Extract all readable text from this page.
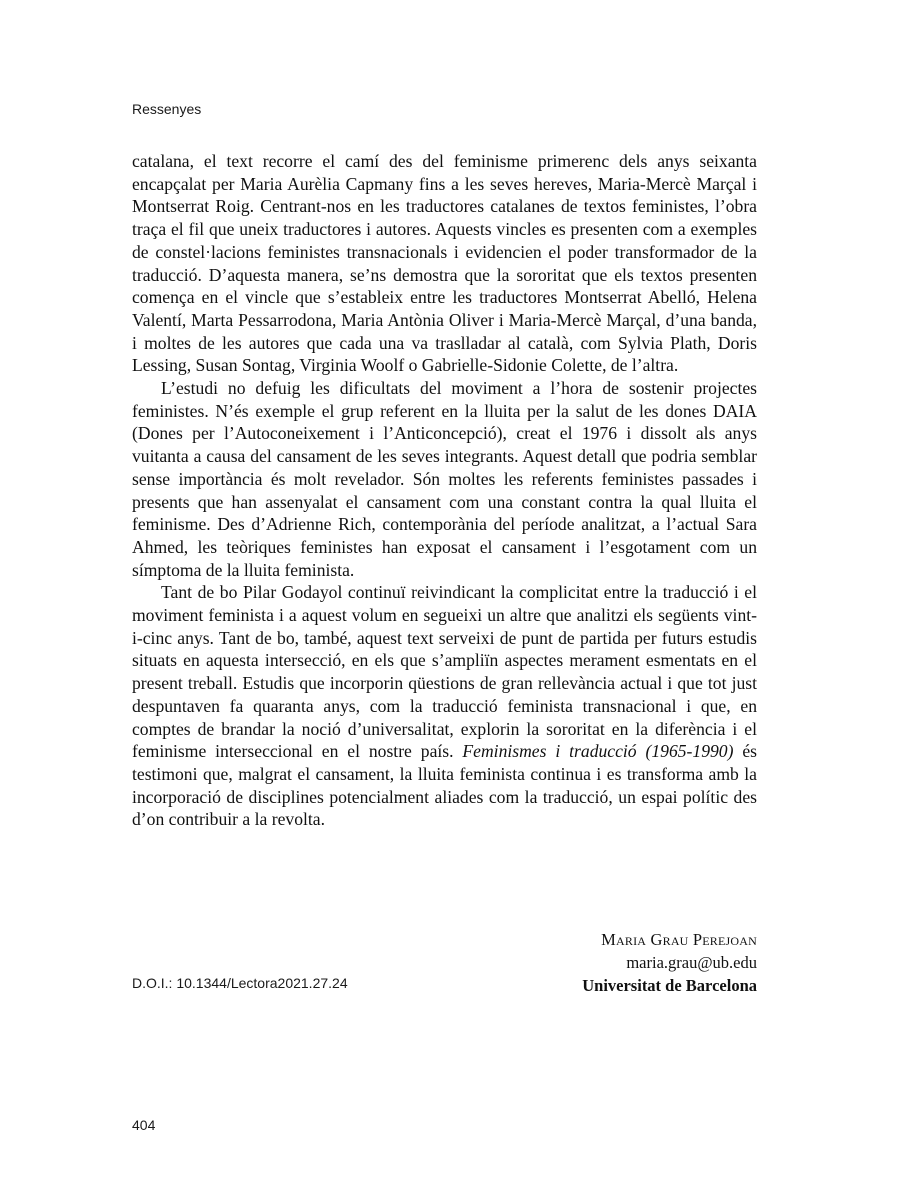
Ressenyes

catalana, el text recorre el camí des del feminisme primerenc dels anys seixanta encapçalat per Maria Aurèlia Capmany fins a les seves hereves, Maria-Mercè Marçal i Montserrat Roig. Centrant-nos en les traductores catalanes de textos feministes, l’obra traça el fil que uneix traductores i autores. Aquests vincles es presenten com a exemples de constel·lacions feministes transnacionals i evidencien el poder transformador de la traducció. D’aquesta manera, se’ns demostra que la sororitat que els textos presenten comença en el vincle que s’estableix entre les traductores Montserrat Abelló, Helena Valentí, Marta Pessarrodona, Maria Antònia Oliver i Maria-Mercè Marçal, d’una banda, i moltes de les autores que cada una va traslladar al català, com Sylvia Plath, Doris Lessing, Susan Sontag, Virginia Woolf o Gabrielle-Sidonie Colette, de l’altra.

L’estudi no defuig les dificultats del moviment a l’hora de sostenir projectes feministes. N’és exemple el grup referent en la lluita per la salut de les dones DAIA (Dones per l’Autoconeixement i l’Anticoncepció), creat el 1976 i dissolt als anys vuitanta a causa del cansament de les seves integrants. Aquest detall que podria semblar sense importància és molt revelador. Són moltes les referents feministes passades i presents que han assenyalat el cansament com una constant contra la qual lluita el feminisme. Des d’Adrienne Rich, contemporània del període analitzat, a l’actual Sara Ahmed, les teòriques feministes han exposat el cansament i l’esgotament com un símptoma de la lluita feminista.

Tant de bo Pilar Godayol continuï reivindicant la complicitat entre la traducció i el moviment feminista i a aquest volum en segueixi un altre que analitzi els següents vint-i-cinc anys. Tant de bo, també, aquest text serveixi de punt de partida per futurs estudis situats en aquesta intersecció, en els que s’ampliïn aspectes merament esmentats en el present treball. Estudis que incorporin qüestions de gran rellevància actual i que tot just despuntaven fa quaranta anys, com la traducció feminista transnacional i que, en comptes de brandar la noció d’universalitat, explorin la sororitat en la diferència i el feminisme interseccional en el nostre país. Feminismes i traducció (1965-1990) és testimoni que, malgrat el cansament, la lluita feminista continua i es transforma amb la incorporació de disciplines potencialment aliades com la traducció, un espai polític des d’on contribuir a la revolta.

Maria Grau Perejoan
maria.grau@ub.edu
Universitat de Barcelona
D.O.I.: 10.1344/Lectora2021.27.24
404
